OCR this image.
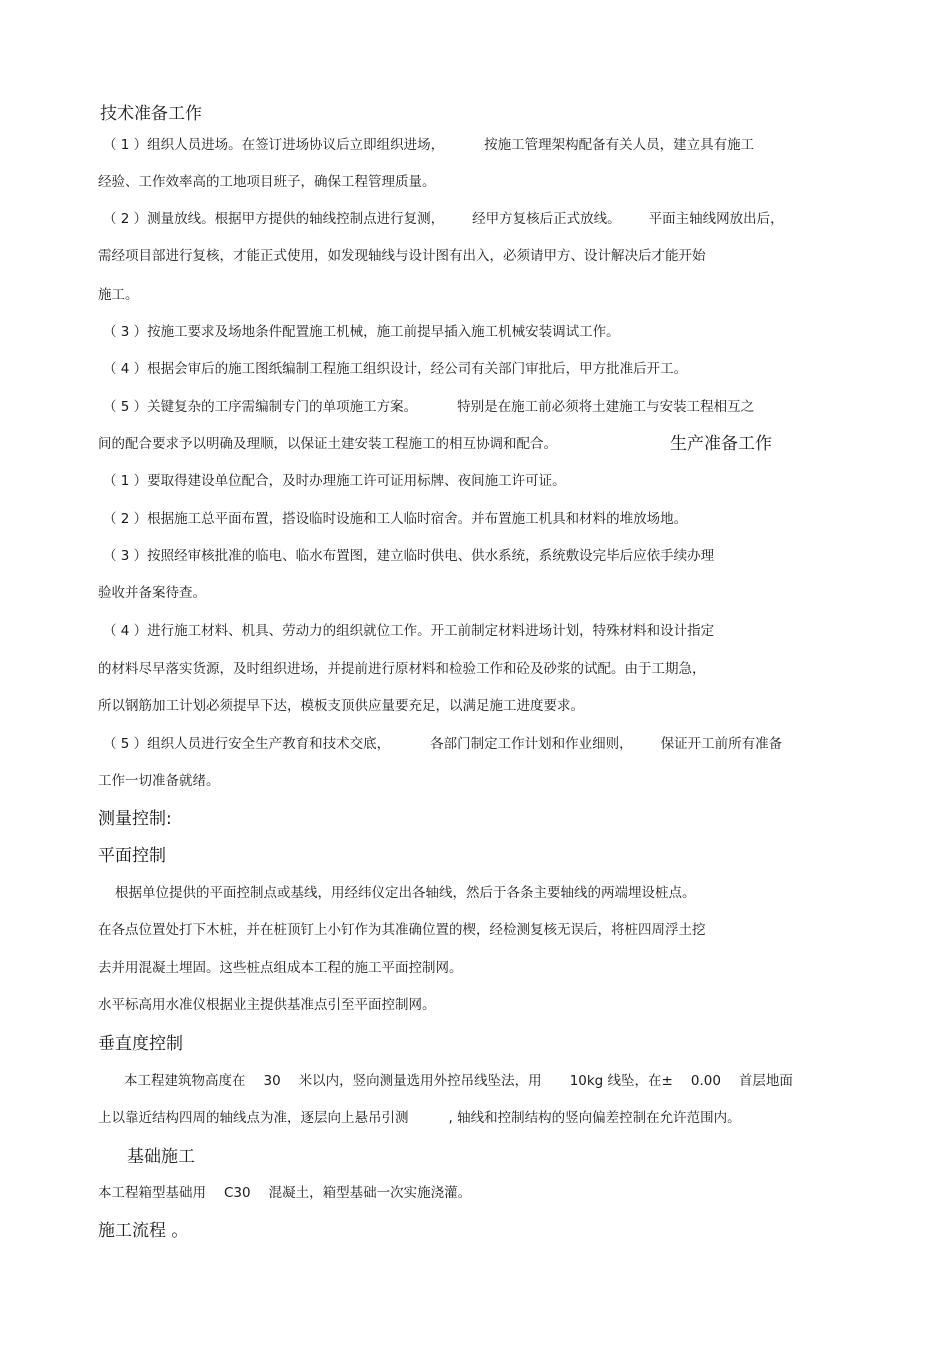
技术准备工作
（ 1 ）组织人员进场。在签订进场协议后立即组织进场，	按施工管理架构配备有关人员，建立具有施工
经验、工作效率高的工地项目班子，确保工程管理质量。
（ 2 ）测量放线。根据甲方提供的轴线控制点进行复测， 经甲方复核后正式放线。 平面主轴线网放出后，
需经项目部进行复核，才能正式使用，如发现轴线与设计图有出入，必须请甲方、设计解决后才能开始
施工。
（ 3 ）按施工要求及场地条件配置施工机械，施工前提早插入施工机械安装调试工作。
（ 4 ）根据会审后的施工图纸编制工程施工组织设计，经公司有关部门审批后，甲方批准后开工。
（ 5 ）关键复杂的工序需编制专门的单项施工方案。	特别是在施工前必须将土建施工与安装工程相互之
间的配合要求予以明确及理顺，以保证土建安装工程施工的相互协调和配合。	生产准备工作
（ 1 ）要取得建设单位配合，及时办理施工许可证用标牌、夜间施工许可证。
（ 2 ）根据施工总平面布置，搭设临时设施和工人临时宿舍。并布置施工机具和材料的堆放场地。
（ 3 ）按照经审核批准的临电、临水布置图，建立临时供电、供水系统，系统敷设完毕后应依手续办理
验收并备案待查。
（ 4 ）进行施工材料、机具、劳动力的组织就位工作。开工前制定材料进场计划，特殊材料和设计指定
的材料尽早落实货源，及时组织进场，并提前进行原材料和检验工作和砼及砂浆的试配。由于工期急，
所以钢筋加工计划必须提早下达，模板支顶供应量要充足，以满足施工进度要求。
（ 5 ）组织人员进行安全生产教育和技术交底，	各部门制定工作计划和作业细则， 保证开工前所有准备
工作一切准备就绪。
测量控制:
平面控制
根据单位提供的平面控制点或基线，用经纬仪定出各轴线，然后于各条主要轴线的两端埋设桩点。
在各点位置处打下木桩，并在桩顶钉上小钉作为其准确位置的楔，经检测复核无误后，将桩四周浮土挖
去并用混凝土埋固。这些桩点组成本工程的施工平面控制网。
水平标高用水准仪根据业主提供基准点引至平面控制网。
垂直度控制
本工程建筑物高度在 30 米以内，竖向测量选用外控吊线坠法，用 10kg 线坠，在± 0.00 首层地面
上以靠近结构四周的轴线点为准，逐层向上悬吊引测	, 轴线和控制结构的竖向偏差控制在允许范围内。
基础施工
本工程箱型基础用 C30 混凝土，箱型基础一次实施浇灌。
施工流程 。
